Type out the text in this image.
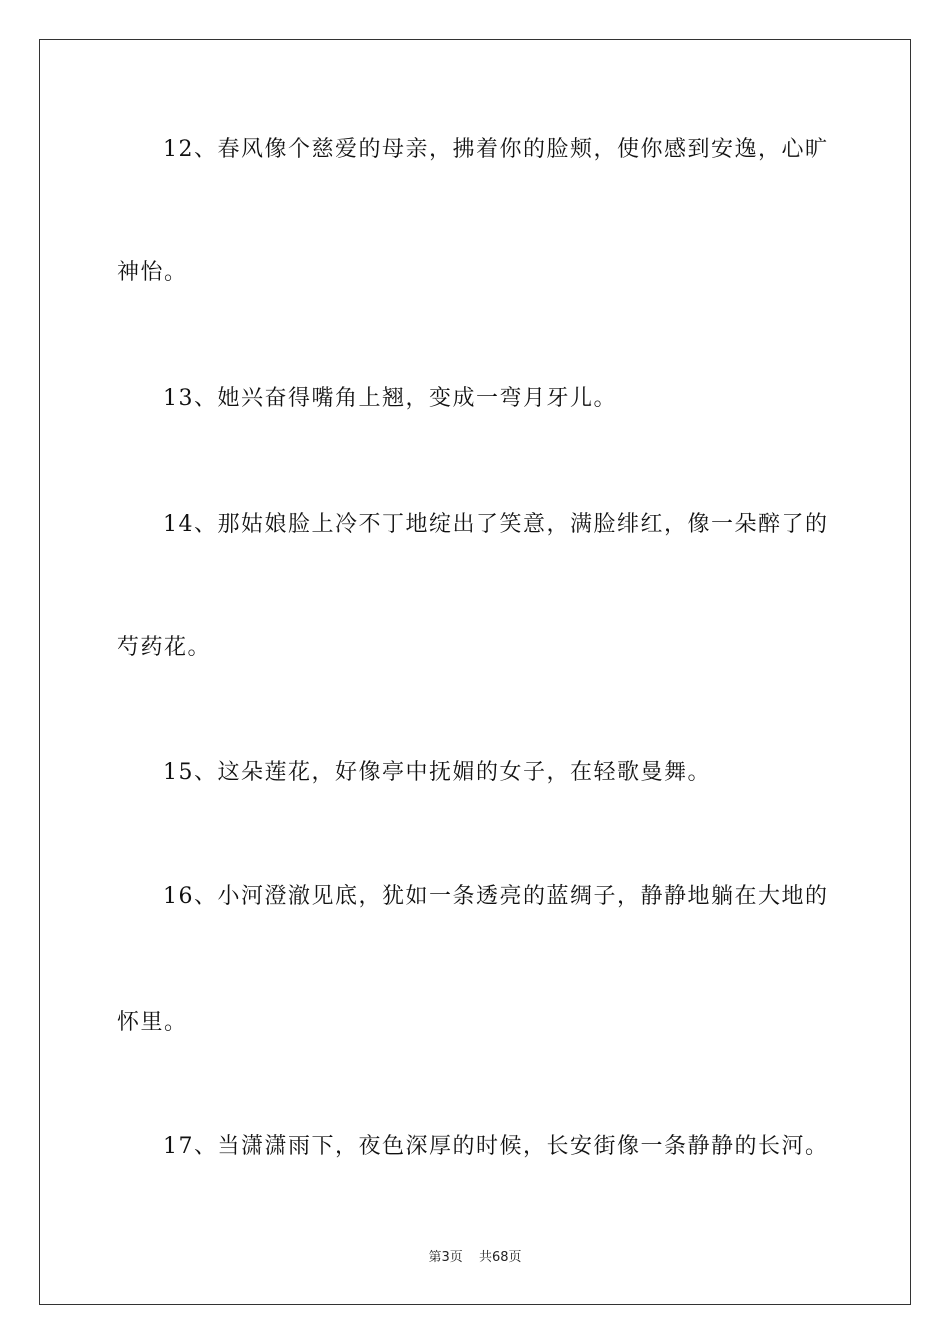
12、春风像个慈爱的母亲，拂着你的脸颊，使你感到安逸，心旷
神怡。
13、她兴奋得嘴角上翘，变成一弯月牙儿。
14、那姑娘脸上冷不丁地绽出了笑意，满脸绯红，像一朵醉了的
芍药花。
15、这朵莲花，好像亭中抚媚的女子，在轻歌曼舞。
16、小河澄澈见底，犹如一条透亮的蓝绸子，静静地躺在大地的
怀里。
17、当潇潇雨下，夜色深厚的时候，长安街像一条静静的长河。
第3页 共68页
